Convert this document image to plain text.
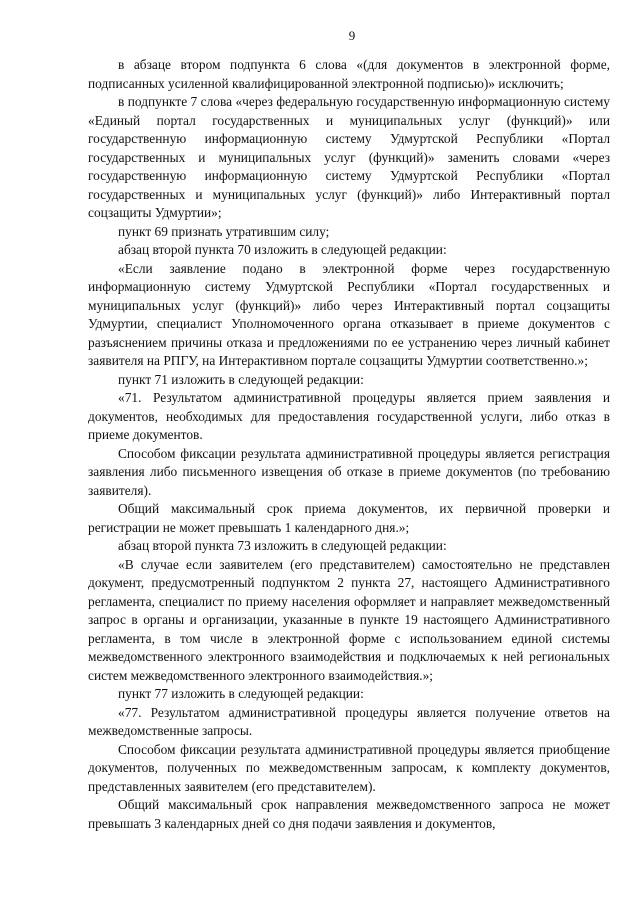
9

в абзаце втором подпункта 6 слова «(для документов в электронной форме, подписанных усиленной квалифицированной электронной подписью)» исключить;

в подпункте 7 слова «через федеральную государственную информационную систему «Единый портал государственных и муниципальных услуг (функций)» или государственную информационную систему Удмуртской Республики «Портал государственных и муниципальных услуг (функций)» заменить словами «через государственную информационную систему Удмуртской Республики «Портал государственных и муниципальных услуг (функций)» либо Интерактивный портал соцзащиты Удмуртии»;

пункт 69 признать утратившим силу;

абзац второй пункта 70 изложить в следующей редакции:

«Если заявление подано в электронной форме через государственную информационную систему Удмуртской Республики «Портал государственных и муниципальных услуг (функций)» либо через Интерактивный портал соцзащиты Удмуртии, специалист Уполномоченного органа отказывает в приеме документов с разъяснением причины отказа и предложениями по ее устранению через личный кабинет заявителя на РПГУ, на Интерактивном портале соцзащиты Удмуртии соответственно.»;

пункт 71 изложить в следующей редакции:

«71. Результатом административной процедуры является прием заявления и документов, необходимых для предоставления государственной услуги, либо отказ в приеме документов.

Способом фиксации результата административной процедуры является регистрация заявления либо письменного извещения об отказе в приеме документов (по требованию заявителя).

Общий максимальный срок приема документов, их первичной проверки и регистрации не может превышать 1 календарного дня.»;

абзац второй пункта 73 изложить в следующей редакции:

«В случае если заявителем (его представителем) самостоятельно не представлен документ, предусмотренный подпунктом 2 пункта 27, настоящего Административного регламента, специалист по приему населения оформляет и направляет межведомственный запрос в органы и организации, указанные в пункте 19 настоящего Административного регламента, в том числе в электронной форме с использованием единой системы межведомственного электронного взаимодействия и подключаемых к ней региональных систем межведомственного электронного взаимодействия.»;

пункт 77 изложить в следующей редакции:

«77. Результатом административной процедуры является получение ответов на межведомственные запросы.

Способом фиксации результата административной процедуры является приобщение документов, полученных по межведомственным запросам, к комплекту документов, представленных заявителем (его представителем).

Общий максимальный срок направления межведомственного запроса не может превышать 3 календарных дней со дня подачи заявления и документов,
